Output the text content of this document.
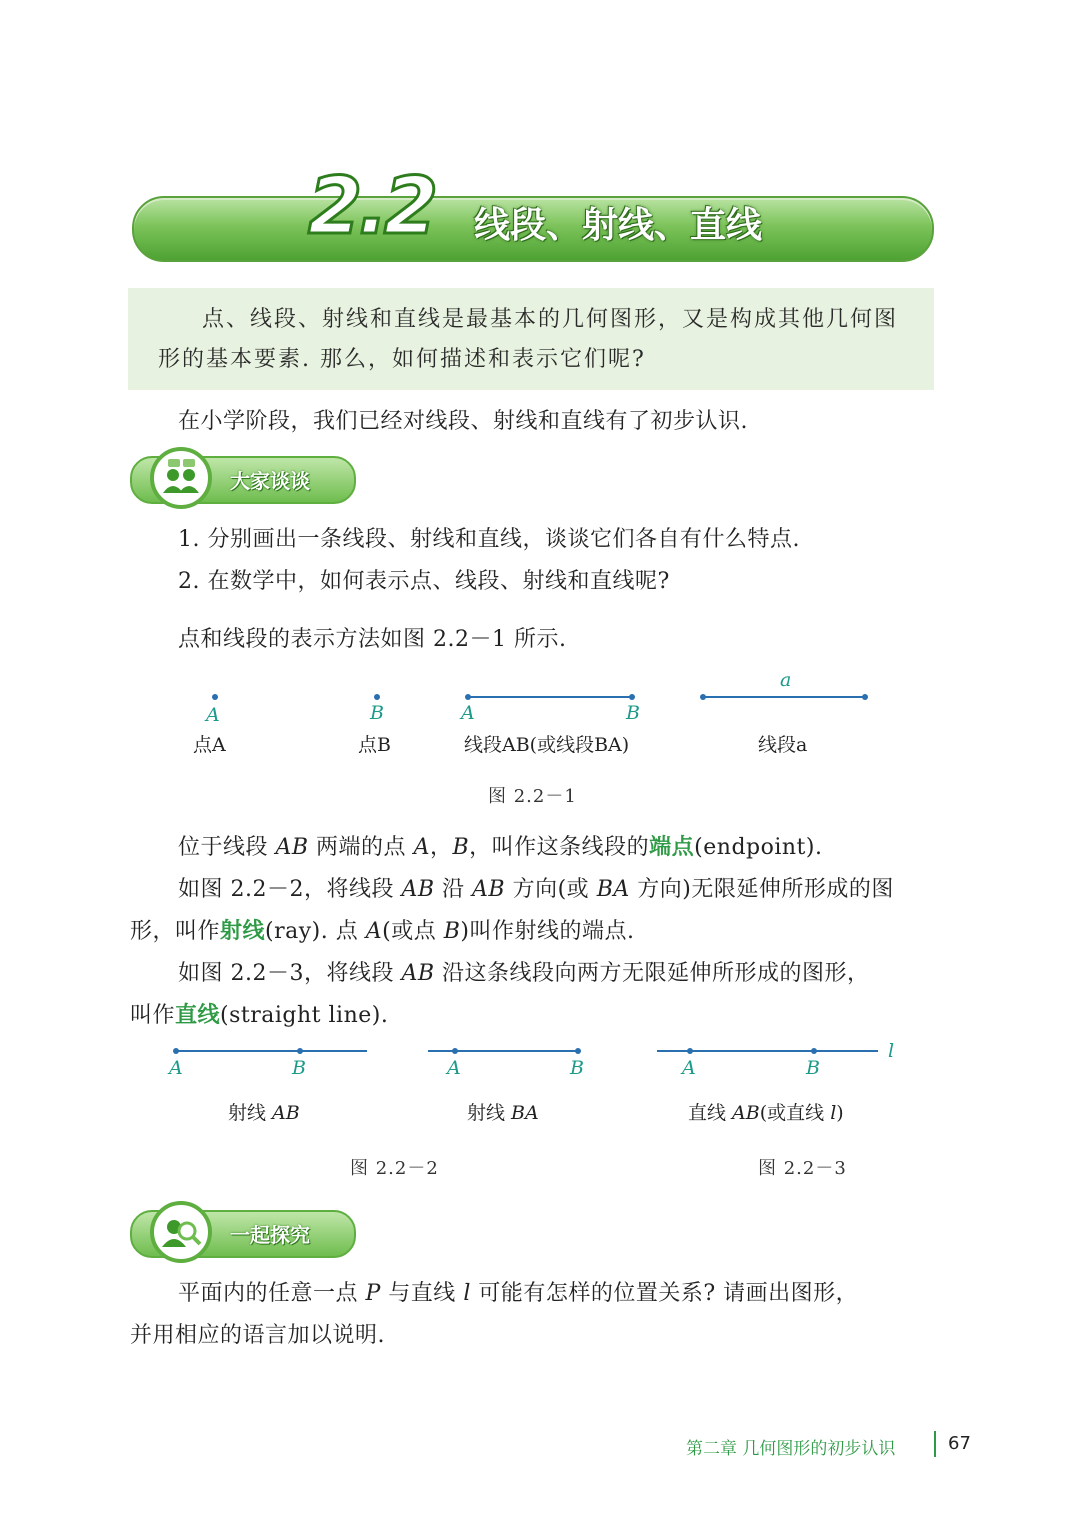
2.2 线段、射线、直线

点、线段、射线和直线是最基本的几何图形，又是构成其他几何图

形的基本要素. 那么，如何描述和表示它们呢?

在小学阶段，我们已经对线段、射线和直线有了初步认识.
大家谈谈
1. 分别画出一条线段、射线和直线，谈谈它们各自有什么特点.
2. 在数学中，如何表示点、线段、射线和直线呢?
点和线段的表示方法如图 2.2－1 所示.
A	B	A	B
a
点A	点B	线段AB(或线段BA)	线段a
图 2.2－1
位于线段 AB 两端的点 A，B，叫作这条线段的端点(endpoint).
如图 2.2－2，将线段 AB 沿 AB 方向(或 BA 方向)无限延伸所形成的图
形，叫作射线(ray). 点 A(或点 B)叫作射线的端点.
如图 2.2－3，将线段 AB 沿这条线段向两方无限延伸所形成的图形，
叫作直线(straight line).
A	B	A	B	A	B
l
射线 AB	射线 BA	直线 AB(或直线 l)
图 2.2－2	图 2.2－3
一起探究
平面内的任意一点 P 与直线 l 可能有怎样的位置关系? 请画出图形，
并用相应的语言加以说明.
第二章 几何图形的初步认识	67
